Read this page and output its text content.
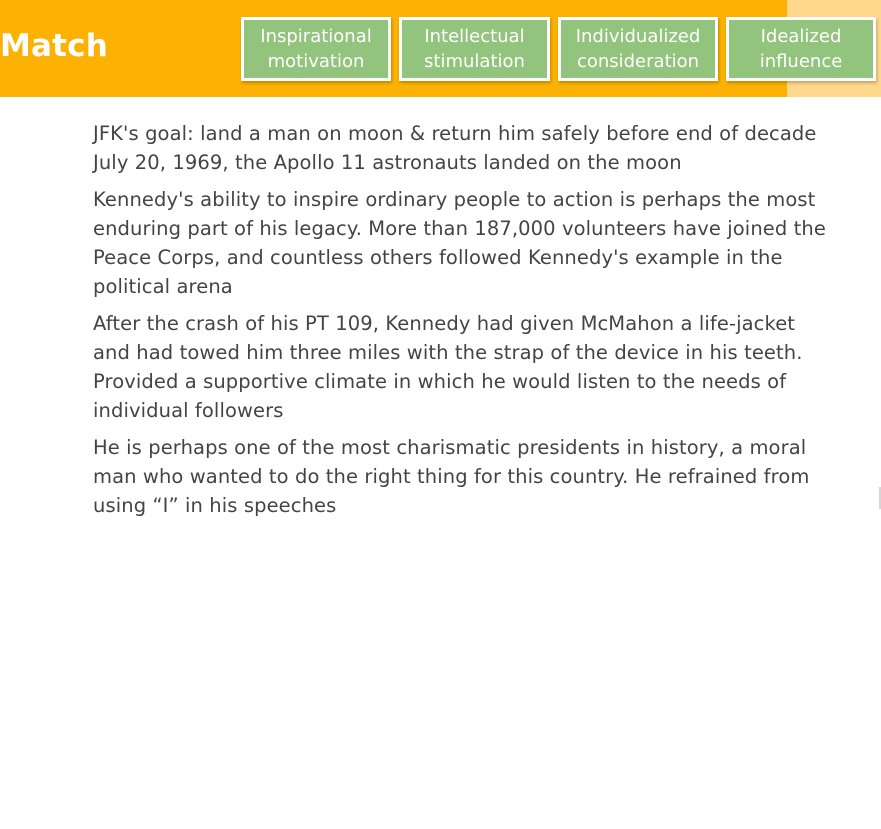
Match	Inspirational
motivation
Intellectual
stimulation
Individualized
consideration
Idealized
influence

JFK's goal: land a man on moon & return him safely before end of decade
July 20, 1969, the Apollo 11 astronauts landed on the moon

Kennedy's ability to inspire ordinary people to action is perhaps the most
enduring part of his legacy. More than 187,000 volunteers have joined the
Peace Corps, and countless others followed Kennedy's example in the
political arena

After the crash of his PT 109, Kennedy had given McMahon a life-jacket
and had towed him three miles with the strap of the device in his teeth.
Provided a supportive climate in which he would listen to the needs of
individual followers

He is perhaps one of the most charismatic presidents in history, a moral
man who wanted to do the right thing for this country. He refrained from
using “I” in his speeches
